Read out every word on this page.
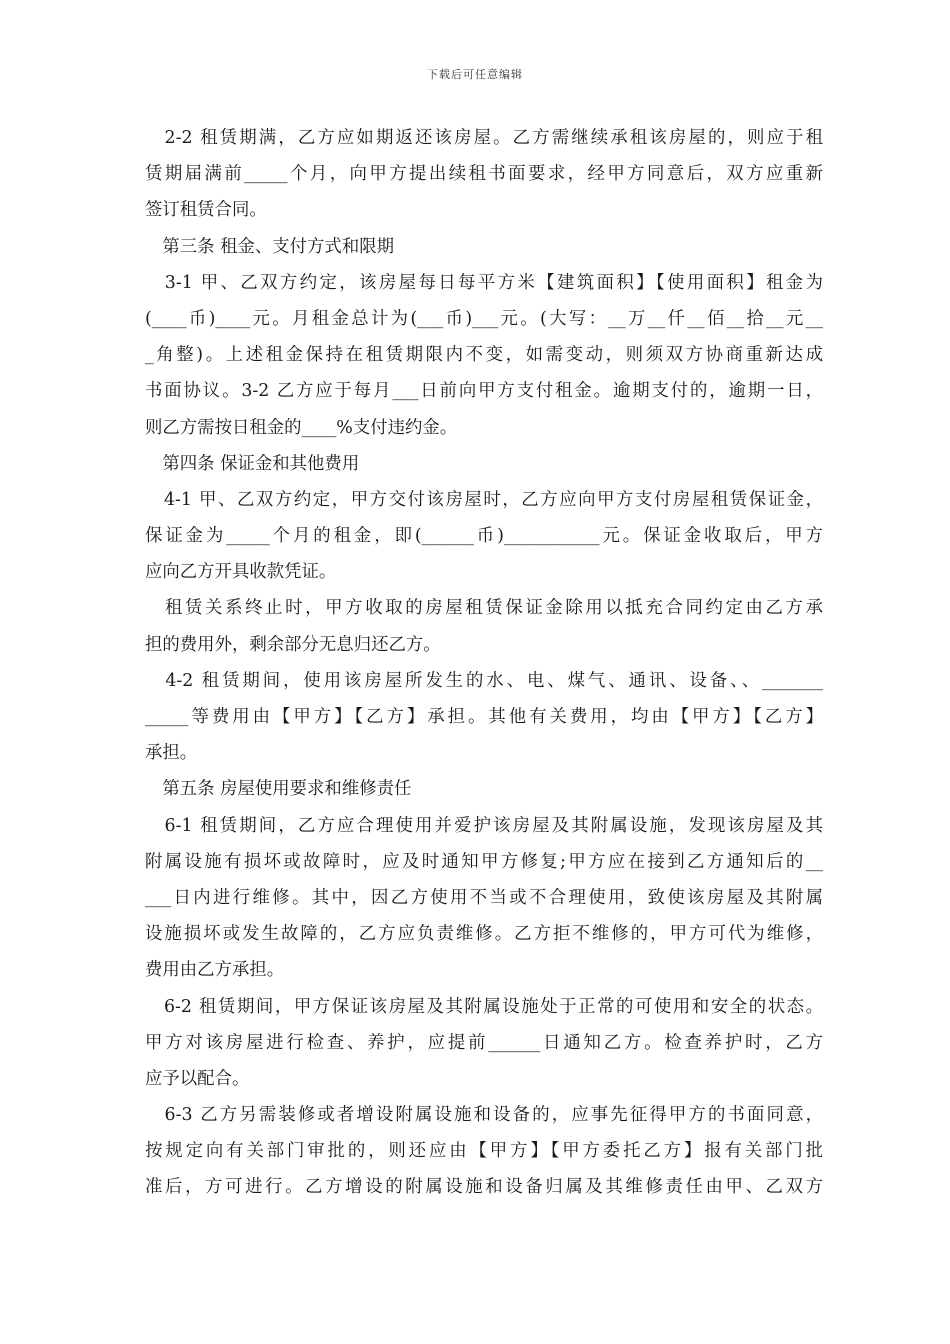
下载后可任意编辑
　2-2 租赁期满，乙方应如期返还该房屋。乙方需继续承租该房屋的，则应于租
赁期届满前_____个月，向甲方提出续租书面要求，经甲方同意后，双方应重新
签订租赁合同。
　第三条 租金、支付方式和限期
　3-1 甲、乙双方约定，该房屋每日每平方米【建筑面积】【使用面积】租金为
(____币)____元。月租金总计为(___币)___元。(大写：__万__仟__佰__拾__元__
_角整)。上述租金保持在租赁期限内不变，如需变动，则须双方协商重新达成
书面协议。3-2 乙方应于每月___日前向甲方支付租金。逾期支付的，逾期一日，
则乙方需按日租金的____%支付违约金。
　第四条 保证金和其他费用
　4-1 甲、乙双方约定，甲方交付该房屋时，乙方应向甲方支付房屋租赁保证金，
保证金为_____个月的租金，即(______币)___________元。保证金收取后，甲方
应向乙方开具收款凭证。
　租赁关系终止时，甲方收取的房屋租赁保证金除用以抵充合同约定由乙方承
担的费用外，剩余部分无息归还乙方。
　4-2 租赁期间，使用该房屋所发生的水、电、煤气、通讯、设备、、_______
_____等费用由【甲方】【乙方】承担。其他有关费用，均由【甲方】【乙方】
承担。
　第五条 房屋使用要求和维修责任
　6-1 租赁期间，乙方应合理使用并爱护该房屋及其附属设施，发现该房屋及其
附属设施有损坏或故障时，应及时通知甲方修复;甲方应在接到乙方通知后的__
___日内进行维修。其中，因乙方使用不当或不合理使用，致使该房屋及其附属
设施损坏或发生故障的，乙方应负责维修。乙方拒不维修的，甲方可代为维修，
费用由乙方承担。
　6-2 租赁期间，甲方保证该房屋及其附属设施处于正常的可使用和安全的状态。
甲方对该房屋进行检查、养护，应提前______日通知乙方。检查养护时，乙方
应予以配合。
　6-3 乙方另需装修或者增设附属设施和设备的，应事先征得甲方的书面同意，
按规定向有关部门审批的，则还应由【甲方】【甲方委托乙方】报有关部门批
准后，方可进行。乙方增设的附属设施和设备归属及其维修责任由甲、乙双方
